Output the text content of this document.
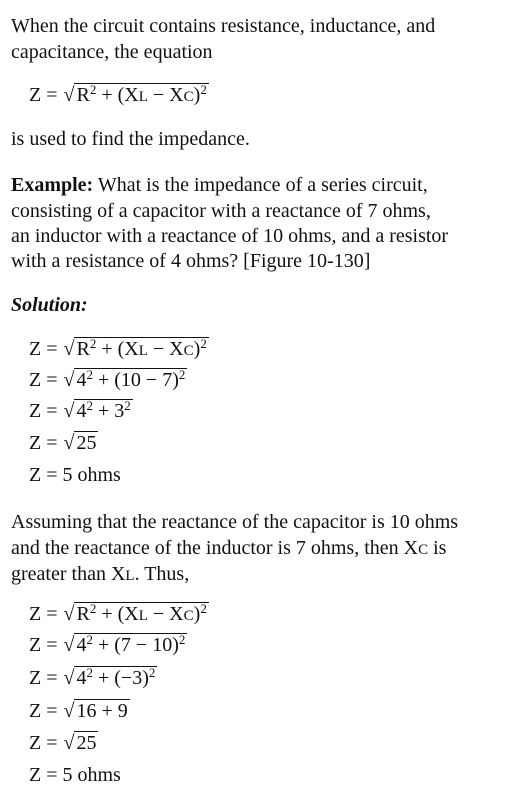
When the circuit contains resistance, inductance, and
capacitance, the equation
Z = √ $R^2 + (XL - XC)^2$
is used to find the impedance.
Example: What is the impedance of a series circuit,
consisting of a capacitor with a reactance of 7 ohms,
an inductor with a reactance of 10 ohms, and a resistor
with a resistance of 4 ohms? [Figure 10-130]
Solution:
Z = √ $R^2 + (XL - XC)^2$
Z = √ $4^2 + (10 - 7)^2$
Z = √ $4^2 + 3^2$
Z = √ 25
Z = 5 ohms
Assuming that the reactance of the capacitor is 10 ohms
and the reactance of the inductor is 7 ohms, then XC is
greater than XL. Thus,
Z = √ $R^2 + (XL - XC)^2$
Z = √ $4^2 + (7 - 10)^2$
Z = √ $4^2 + (-3)^2$
Z = √ 16 + 9
Z = √ 25
Z = 5 ohms
